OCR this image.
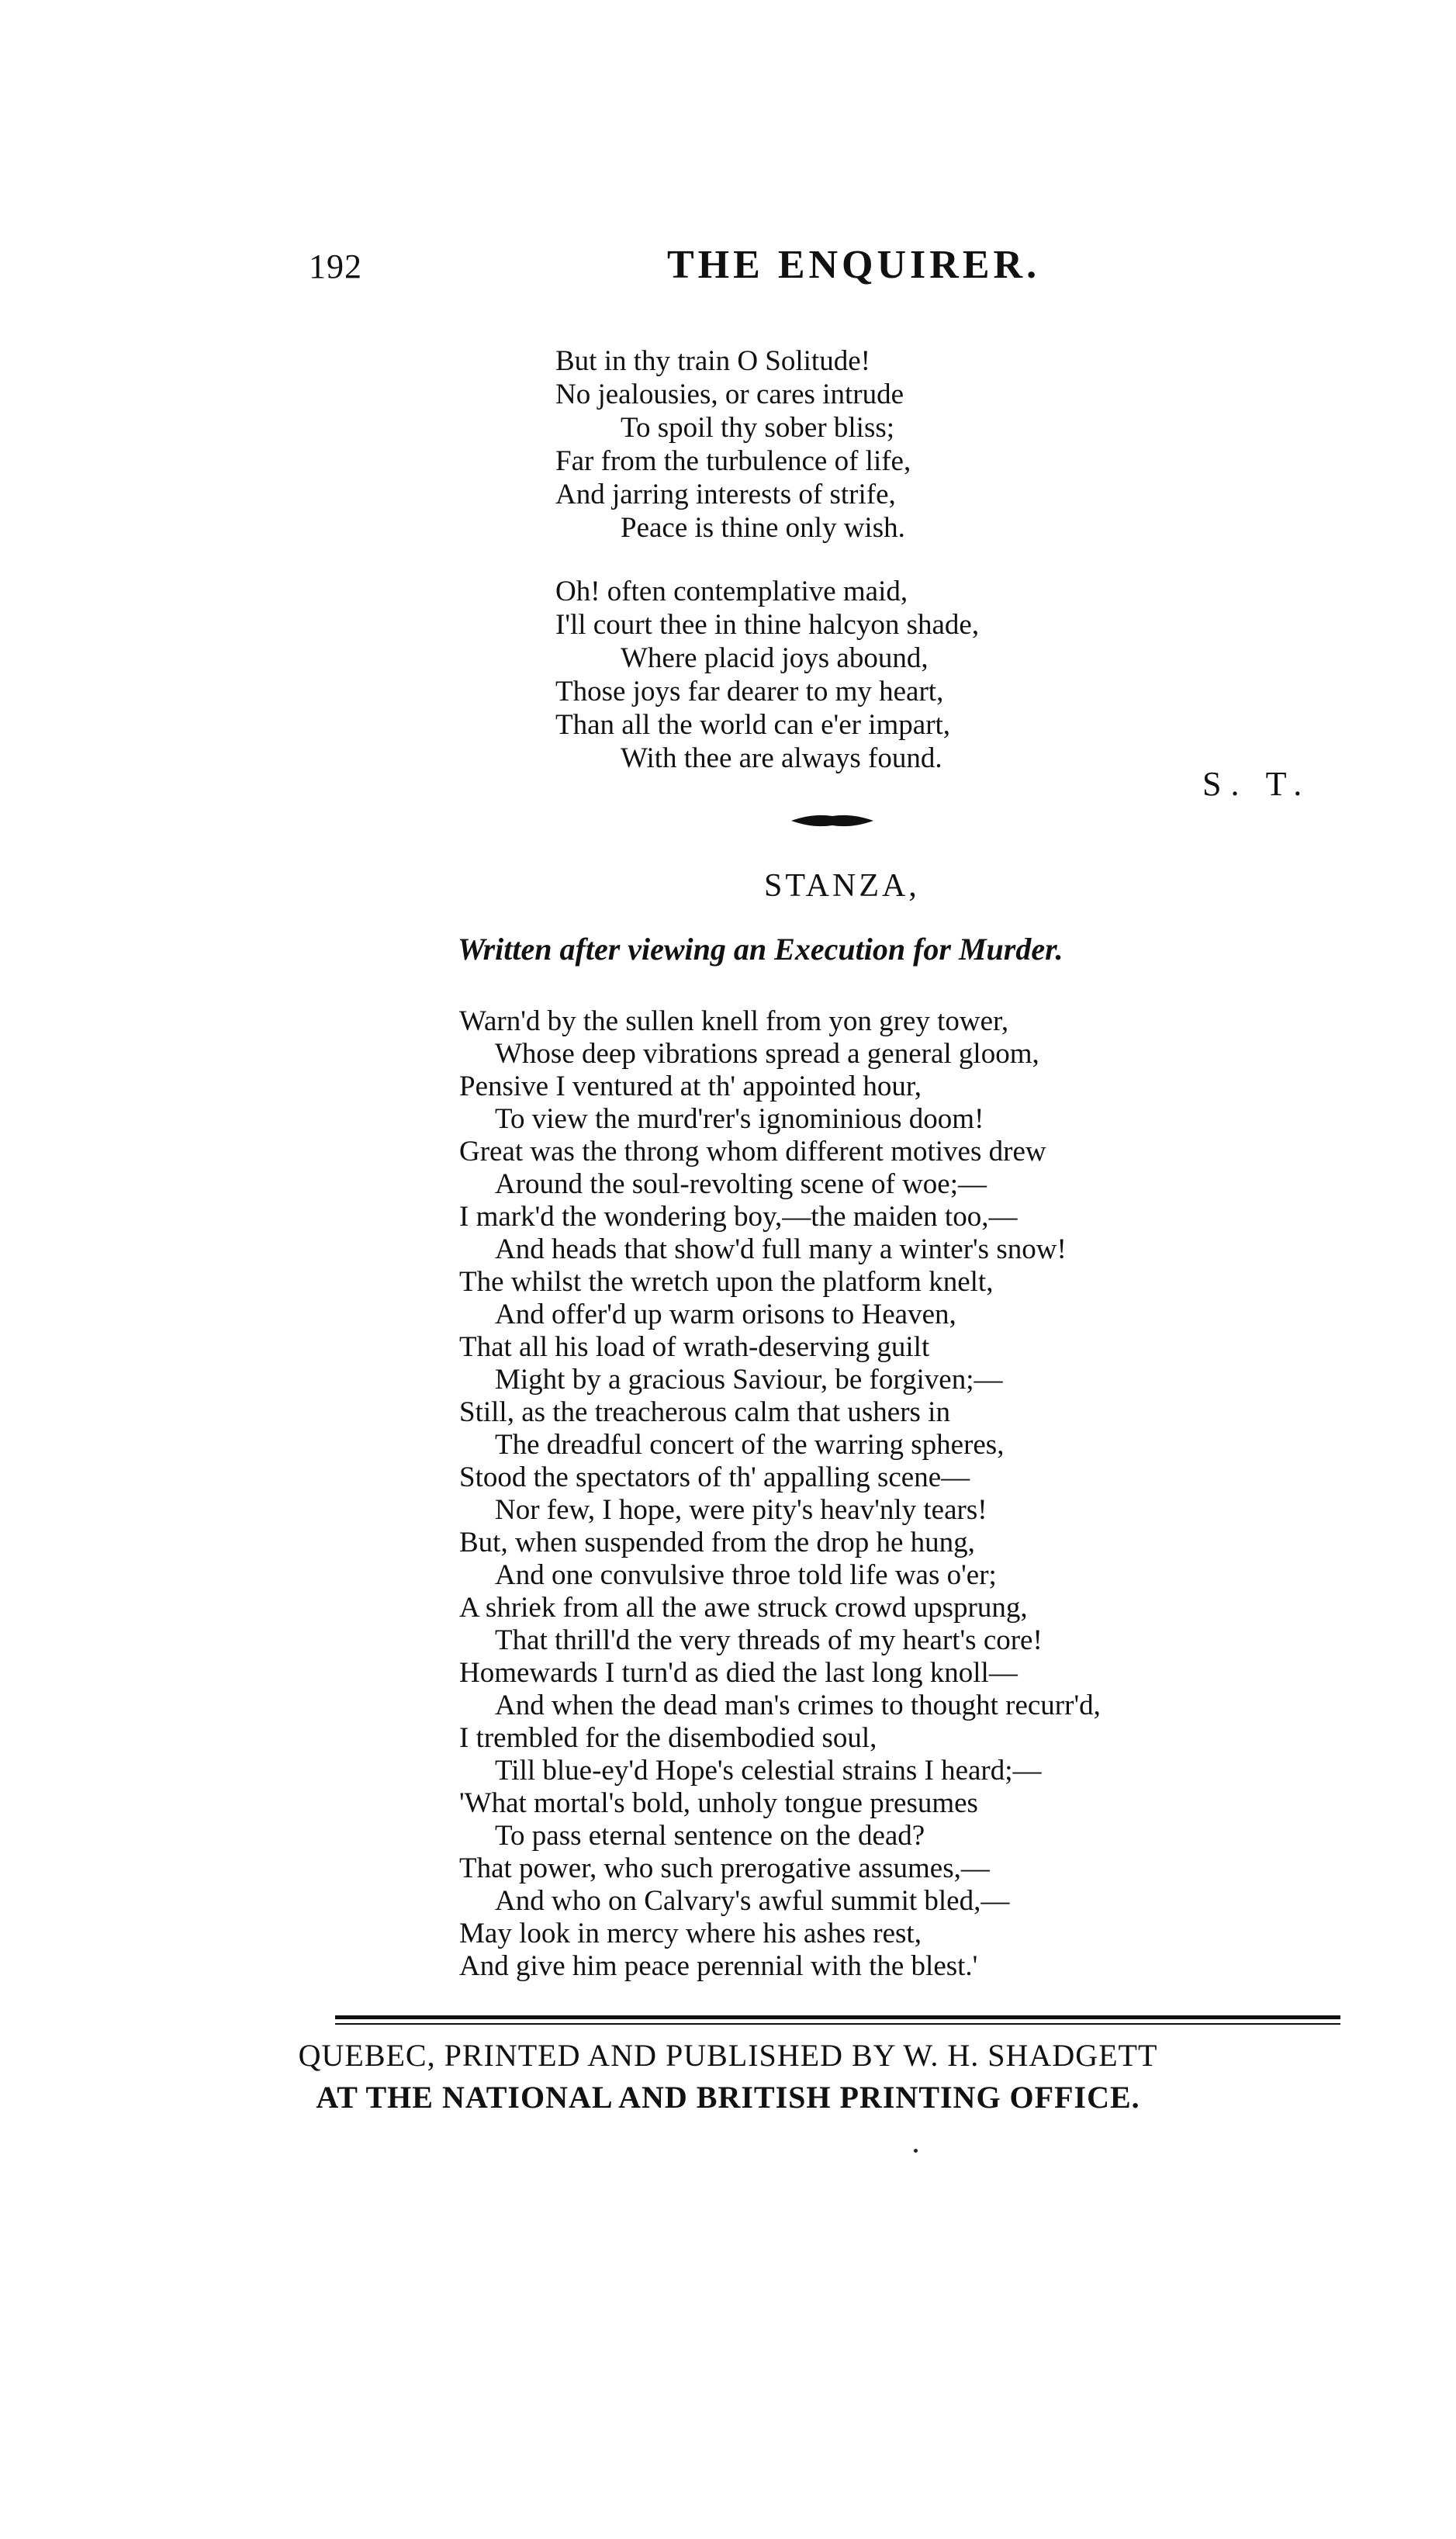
192	THE ENQUIRER.
But in thy train O Solitude!
No jealousies, or cares intrude
To spoil thy sober bliss;
Far from the turbulence of life,
And jarring interests of strife,
Peace is thine only wish.
Oh! often contemplative maid,
I'll court thee in thine halcyon shade,
Where placid joys abound,
Those joys far dearer to my heart,
Than all the world can e'er impart,
With thee are always found.
S. T.
STANZA,
Written after viewing an Execution for Murder.
Warn'd by the sullen knell from yon grey tower,
Whose deep vibrations spread a general gloom,
Pensive I ventured at th' appointed hour,
To view the murd'rer's ignominious doom!
Great was the throng whom different motives drew
Around the soul-revolting scene of woe;—
I mark'd the wondering boy,—the maiden too,—
And heads that show'd full many a winter's snow!
The whilst the wretch upon the platform knelt,
And offer'd up warm orisons to Heaven,
That all his load of wrath-deserving guilt
Might by a gracious Saviour, be forgiven;—
Still, as the treacherous calm that ushers in
The dreadful concert of the warring spheres,
Stood the spectators of th' appalling scene—
Nor few, I hope, were pity's heav'nly tears!
But, when suspended from the drop he hung,
And one convulsive throe told life was o'er;
A shriek from all the awe struck crowd upsprung,
That thrill'd the very threads of my heart's core!
Homewards I turn'd as died the last long knoll—
And when the dead man's crimes to thought recurr'd,
I trembled for the disembodied soul,
Till blue-ey'd Hope's celestial strains I heard;—
'What mortal's bold, unholy tongue presumes
To pass eternal sentence on the dead?
That power, who such prerogative assumes,—
And who on Calvary's awful summit bled,—
May look in mercy where his ashes rest,
And give him peace perennial with the blest.'
QUEBEC, PRINTED AND PUBLISHED BY W. H. SHADGETT
AT THE NATIONAL AND BRITISH PRINTING OFFICE.
